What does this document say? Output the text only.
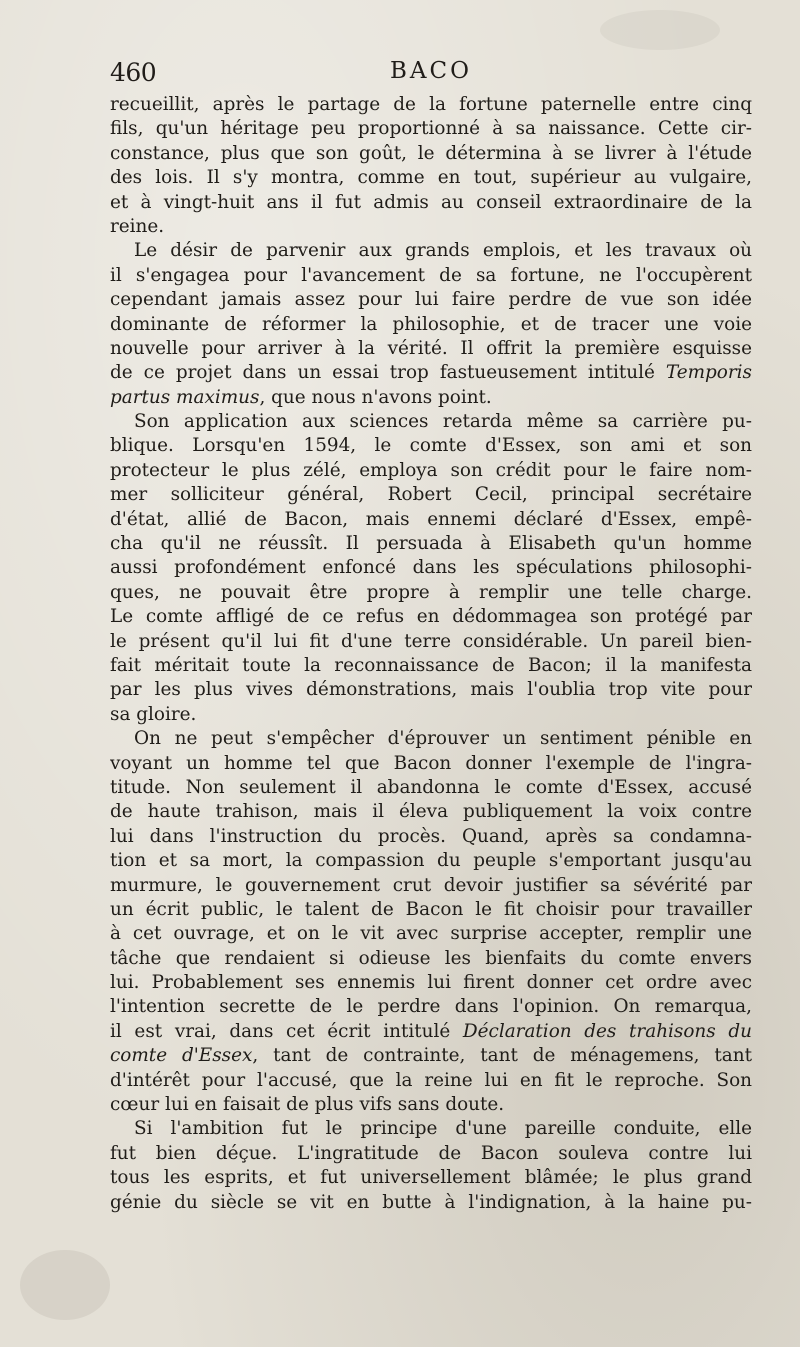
460	BACO
recueillit, après le partage de la fortune paternelle entre cinq
fils, qu'un héritage peu proportionné à sa naissance. Cette cir-
constance, plus que son goût, le détermina à se livrer à l'étude
des lois. Il s'y montra, comme en tout, supérieur au vulgaire,
et à vingt-huit ans il fut admis au conseil extraordinaire de la
reine.
Le désir de parvenir aux grands emplois, et les travaux où
il s'engagea pour l'avancement de sa fortune, ne l'occupèrent
cependant jamais assez pour lui faire perdre de vue son idée
dominante de réformer la philosophie, et de tracer une voie
nouvelle pour arriver à la vérité. Il offrit la première esquisse
de ce projet dans un essai trop fastueusement intitulé Temporis
partus maximus, que nous n'avons point.
Son application aux sciences retarda même sa carrière pu-
blique. Lorsqu'en 1594, le comte d'Essex, son ami et son
protecteur le plus zélé, employa son crédit pour le faire nom-
mer solliciteur général, Robert Cecil, principal secrétaire
d'état, allié de Bacon, mais ennemi déclaré d'Essex, empê-
cha qu'il ne réussît. Il persuada à Elisabeth qu'un homme
aussi profondément enfoncé dans les spéculations philosophi-
ques, ne pouvait être propre à remplir une telle charge.
Le comte affligé de ce refus en dédommagea son protégé par
le présent qu'il lui fit d'une terre considérable. Un pareil bien-
fait méritait toute la reconnaissance de Bacon; il la manifesta
par les plus vives démonstrations, mais l'oublia trop vite pour
sa gloire.
On ne peut s'empêcher d'éprouver un sentiment pénible en
voyant un homme tel que Bacon donner l'exemple de l'ingra-
titude. Non seulement il abandonna le comte d'Essex, accusé
de haute trahison, mais il éleva publiquement la voix contre
lui dans l'instruction du procès. Quand, après sa condamna-
tion et sa mort, la compassion du peuple s'emportant jusqu'au
murmure, le gouvernement crut devoir justifier sa sévérité par
un écrit public, le talent de Bacon le fit choisir pour travailler
à cet ouvrage, et on le vit avec surprise accepter, remplir une
tâche que rendaient si odieuse les bienfaits du comte envers
lui. Probablement ses ennemis lui firent donner cet ordre avec
l'intention secrette de le perdre dans l'opinion. On remarqua,
il est vrai, dans cet écrit intitulé Déclaration des trahisons du
comte d'Essex, tant de contrainte, tant de ménagemens, tant
d'intérêt pour l'accusé, que la reine lui en fit le reproche. Son
cœur lui en faisait de plus vifs sans doute.
Si l'ambition fut le principe d'une pareille conduite, elle
fut bien déçue. L'ingratitude de Bacon souleva contre lui
tous les esprits, et fut universellement blâmée; le plus grand
génie du siècle se vit en butte à l'indignation, à la haine pu-
